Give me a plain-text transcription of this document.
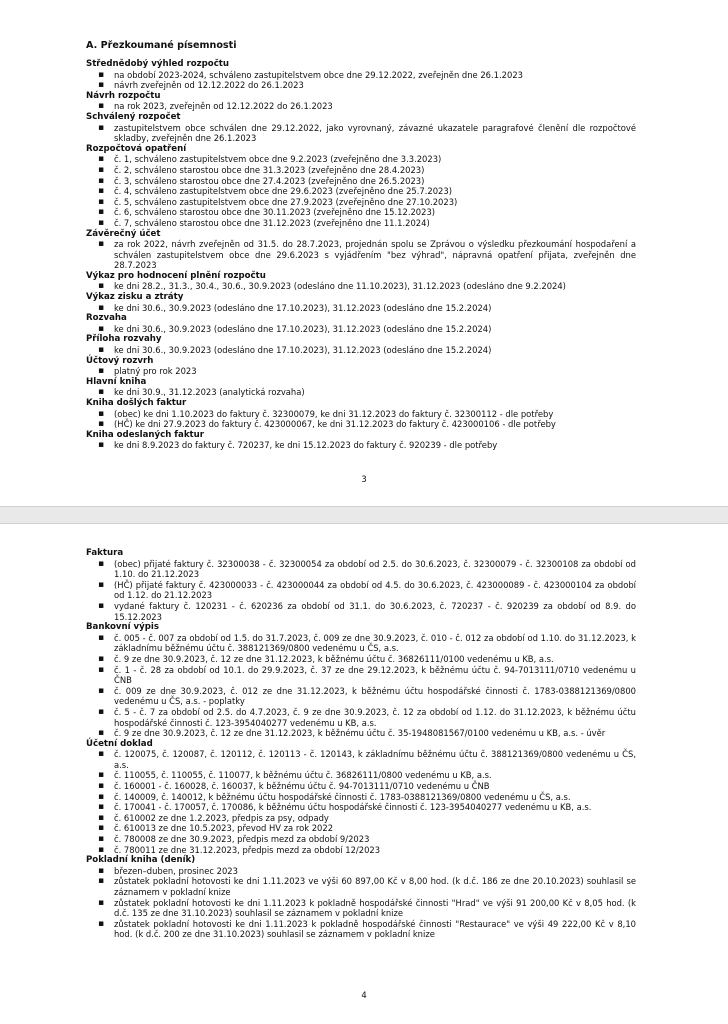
A. Přezkoumané písemnosti
Střednědobý výhled rozpočtu
▪ na období 2023-2024, schváleno zastupitelstvem obce dne 29.12.2022, zveřejněn dne 26.1.2023
▪ návrh zveřejněn od 12.12.2022 do 26.1.2023
Návrh rozpočtu
▪ na rok 2023, zveřejněn od 12.12.2022 do 26.1.2023
Schválený rozpočet
▪ zastupitelstvem obce schválen dne 29.12.2022, jako vyrovnaný, závazné ukazatele paragrafové členění dle rozpočtové skladby, zveřejněn dne 26.1.2023
Rozpočtová opatření
▪ č. 1, schváleno zastupitelstvem obce dne 9.2.2023 (zveřejněno dne 3.3.2023)
▪ č. 2, schváleno starostou obce dne 31.3.2023 (zveřejněno dne 28.4.2023)
▪ č. 3, schváleno starostou obce dne 27.4.2023 (zveřejněno dne 26.5.2023)
▪ č. 4, schváleno zastupitelstvem obce dne 29.6.2023 (zveřejněno dne 25.7.2023)
▪ č. 5, schváleno zastupitelstvem obce dne 27.9.2023 (zveřejněno dne 27.10.2023)
▪ č. 6, schváleno starostou obce dne 30.11.2023 (zveřejněno dne 15.12.2023)
▪ č. 7, schváleno starostou obce dne 31.12.2023 (zveřejněno dne 11.1.2024)
Závěrečný účet
▪ za rok 2022, návrh zveřejněn od 31.5. do 28.7.2023, projednán spolu se Zprávou o výsledku přezkoumání hospodaření a schválen zastupitelstvem obce dne 29.6.2023 s vyjádřením "bez výhrad", nápravná opatření přijata, zveřejněn dne 28.7.2023
Výkaz pro hodnocení plnění rozpočtu
▪ ke dni 28.2., 31.3., 30.4., 30.6., 30.9.2023 (odesláno dne 11.10.2023), 31.12.2023 (odesláno dne 9.2.2024)
Výkaz zisku a ztráty
▪ ke dni 30.6., 30.9.2023 (odesláno dne 17.10.2023), 31.12.2023 (odesláno dne 15.2.2024)
Rozvaha
▪ ke dni 30.6., 30.9.2023 (odesláno dne 17.10.2023), 31.12.2023 (odesláno dne 15.2.2024)
Příloha rozvahy
▪ ke dni 30.6., 30.9.2023 (odesláno dne 17.10.2023), 31.12.2023 (odesláno dne 15.2.2024)
Účtový rozvrh
▪ platný pro rok 2023
Hlavní kniha
▪ ke dni 30.9., 31.12.2023 (analytická rozvaha)
Kniha došlých faktur
▪ (obec) ke dni 1.10.2023 do faktury č. 32300079, ke dni 31.12.2023 do faktury č. 32300112 - dle potřeby
▪ (HČ) ke dni 27.9.2023 do faktury č. 423000067, ke dni 31.12.2023 do faktury č. 423000106 - dle potřeby
Kniha odeslaných faktur
▪ ke dni 8.9.2023 do faktury č. 720237, ke dni 15.12.2023 do faktury č. 920239 - dle potřeby
3
Faktura
▪ (obec) přijaté faktury č. 32300038 - č. 32300054 za období od 2.5. do 30.6.2023, č. 32300079 - č. 32300108 za období od 1.10. do 21.12.2023
▪ (HČ) přijaté faktury č. 423000033 - č. 423000044 za období od 4.5. do 30.6.2023, č. 423000089 - č. 423000104 za období od 1.12. do 21.12.2023
▪ vydané faktury č. 120231 - č. 620236 za období od 31.1. do 30.6.2023, č. 720237 - č. 920239 za období od 8.9. do 15.12.2023
Bankovní výpis
▪ č. 005 - č. 007 za období od 1.5. do 31.7.2023, č. 009 ze dne 30.9.2023, č. 010 - č. 012 za období od 1.10. do 31.12.2023, k základnímu běžnému účtu č. 388121369/0800 vedenému u ČS, a.s.
▪ č. 9 ze dne 30.9.2023, č. 12 ze dne 31.12.2023, k běžnému účtu č. 36826111/0100 vedenému u KB, a.s.
▪ č. 1 - č. 28 za období od 10.1. do 29.9.2023, č. 37 ze dne 29.12.2023, k běžnému účtu č. 94-7013111/0710 vedenému u ČNB
▪ č. 009 ze dne 30.9.2023, č. 012 ze dne 31.12.2023, k běžnému účtu hospodářské činnosti č. 1783-0388121369/0800 vedenému u ČS, a.s. - poplatky
▪ č. 5 - č. 7 za období od 2.5. do 4.7.2023, č. 9 ze dne 30.9.2023, č. 12 za období od 1.12. do 31.12.2023, k běžnému účtu hospodářské činnosti č. 123-3954040277 vedenému u KB, a.s.
▪ č. 9 ze dne 30.9.2023, č. 12 ze dne 31.12.2023, k běžnému účtu č. 35-1948081567/0100 vedenému u KB, a.s. - úvěr
Účetní doklad
▪ č. 120075, č. 120087, č. 120112, č. 120113 - č. 120143, k základnímu běžnému účtu č. 388121369/0800 vedenému u ČS, a.s.
▪ č. 110055, č. 110055, č. 110077, k běžnému účtu č. 36826111/0800 vedenému u KB, a.s.
▪ č. 160001 - č. 160028, č. 160037, k běžnému účtu č. 94-7013111/0710 vedenému u ČNB
▪ č. 140009, č. 140012, k běžnému účtu hospodářské činnosti č. 1783-0388121369/0800 vedenému u ČS, a.s.
▪ č. 170041 - č. 170057, č. 170086, k běžnému účtu hospodářské činnosti č. 123-3954040277 vedenému u KB, a.s.
▪ č. 610002 ze dne 1.2.2023, předpis za psy, odpady
▪ č. 610013 ze dne 10.5.2023, převod HV za rok 2022
▪ č. 780008 ze dne 30.9.2023, předpis mezd za období 9/2023
▪ č. 780011 ze dne 31.12.2023, předpis mezd za období 12/2023
Pokladní kniha (deník)
▪ březen–duben, prosinec 2023
▪ zůstatek pokladní hotovosti ke dni 1.11.2023 ve výši 60 897,00 Kč v 8,00 hod. (k d.č. 186 ze dne 20.10.2023) souhlasil se záznamem v pokladní knize
▪ zůstatek pokladní hotovosti ke dni 1.11.2023 k pokladně hospodářské činnosti "Hrad" ve výši 91 200,00 Kč v 8,05 hod. (k d.č. 135 ze dne 31.10.2023) souhlasil se záznamem v pokladní knize
▪ zůstatek pokladní hotovosti ke dni 1.11.2023 k pokladně hospodářské činnosti "Restaurace" ve výši 49 222,00 Kč v 8,10 hod. (k d.č. 200 ze dne 31.10.2023) souhlasil se záznamem v pokladní knize
4
